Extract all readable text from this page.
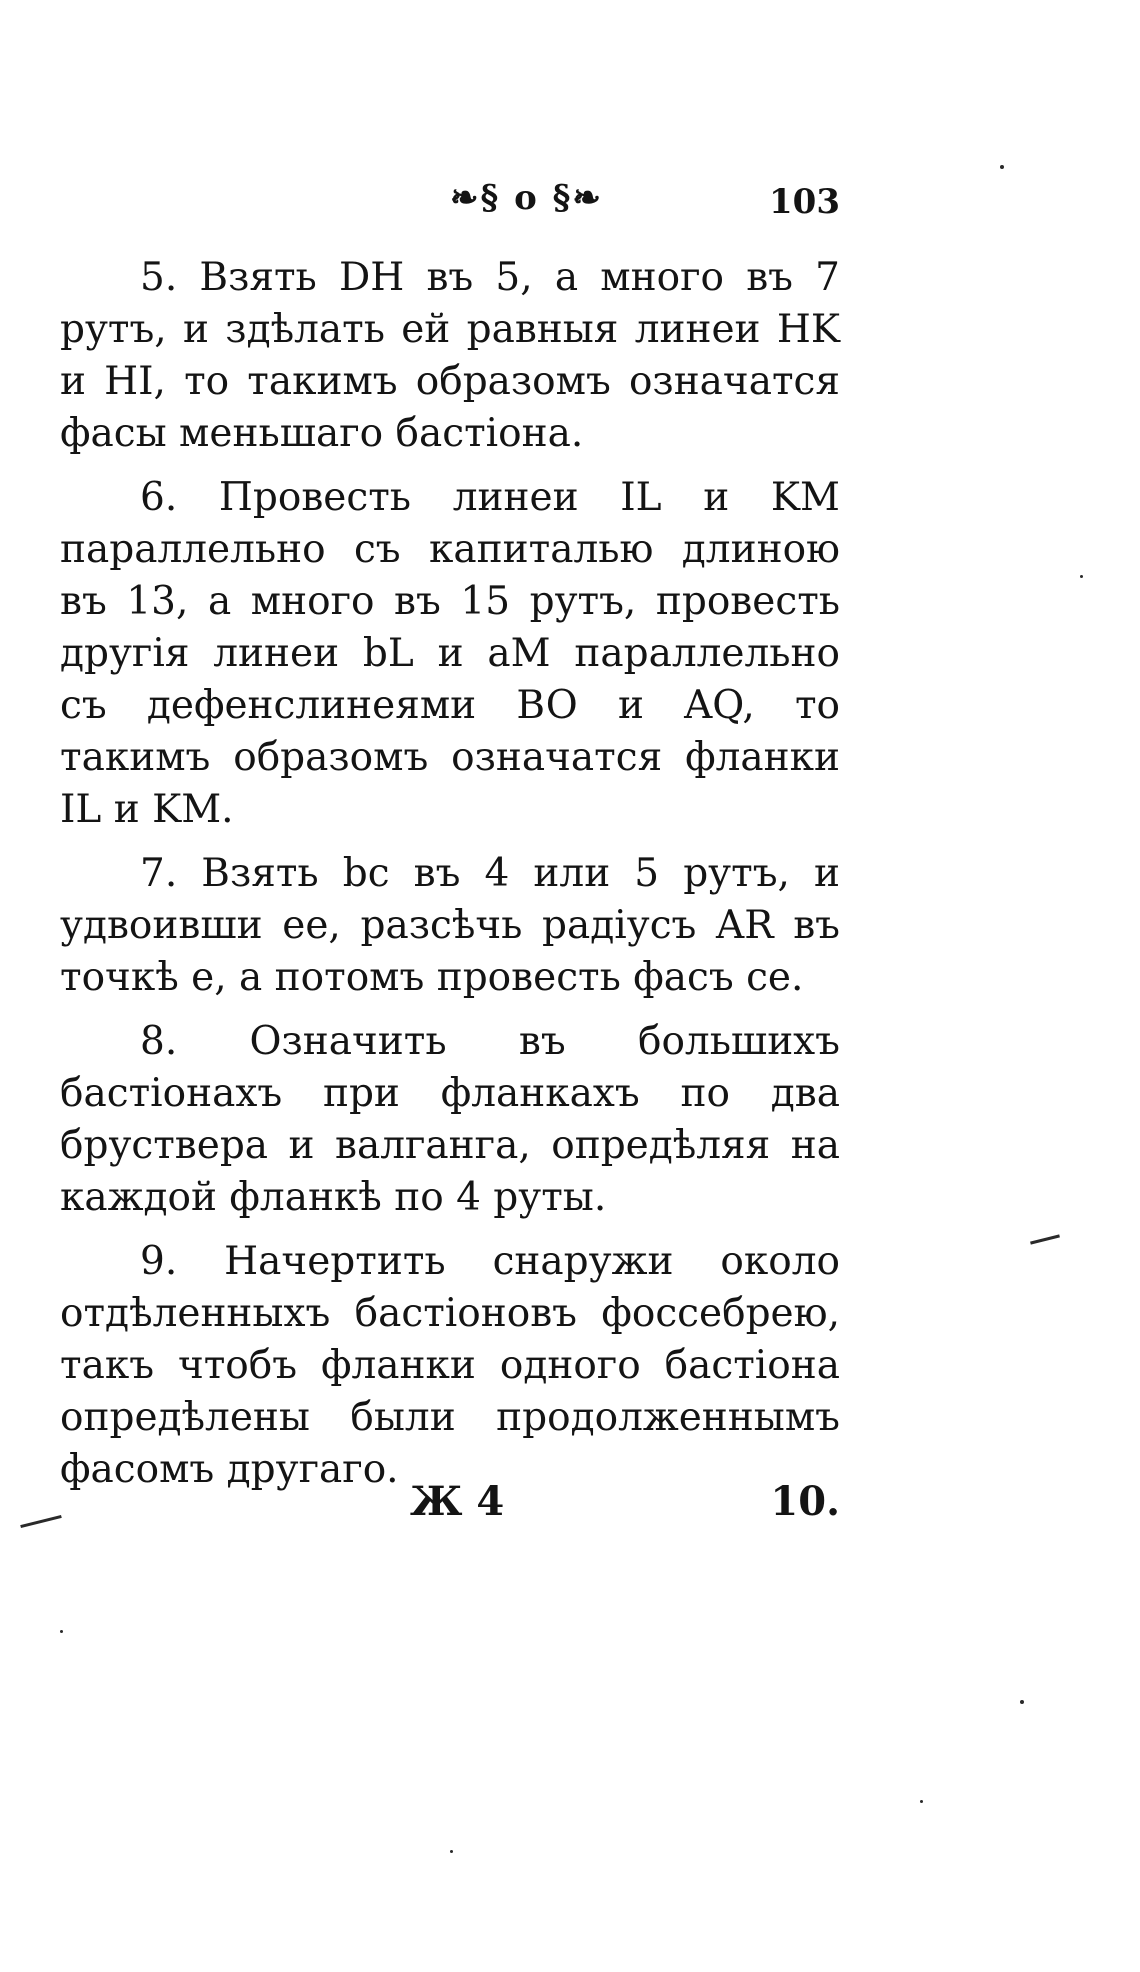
❧§ o §❧	103

5. Взять DH въ 5, а много въ 7 рутъ, и здѣлать ей равныя линеи HK и HI, то такимъ образомъ означатся фасы меньшаго бастіона.

6. Провесть линеи IL и KM параллельно съ капиталью длиною въ 13, а много въ 15 рутъ, провесть другія линеи bL и aM параллельно съ дефенслинеями BO и AQ, то такимъ образомъ означатся фланки IL и KM.

7. Взять bc въ 4 или 5 рутъ, и удвоивши ее, разсѣчь радіусъ AR въ точкѣ e, а потомъ провесть фасъ ce.

8. Означить въ большихъ бастіонахъ при фланкахъ по два брустверa и валганга, опредѣляя на каждой фланкѣ по 4 руты.

9. Начертить снаружи около отдѣленныхъ бастіоновъ фоссебрею, такъ чтобъ фланки одного бастіона опредѣлены были продолженнымъ фасомъ другаго.

Ж 4	10.
